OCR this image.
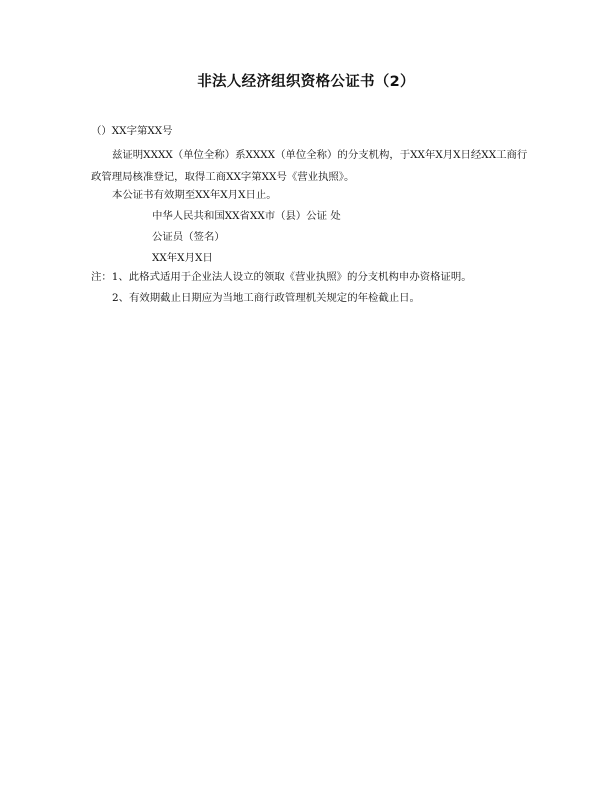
非法人经济组织资格公证书（2）
（）XX字第XX号
兹证明XXXX（单位全称）系XXXX（单位全称）的分支机构，于XX年X月X日经XX工商行
政管理局核准登记，取得工商XX字第XX号《营业执照》。
本公证书有效期至XX年X月X日止。
中华人民共和国XX省XX市（县）公证 处
公证员（签名）
XX年X月X日
注：1、此格式适用于企业法人设立的领取《营业执照》的分支机构申办资格证明。
2、有效期截止日期应为当地工商行政管理机关规定的年检截止日。
